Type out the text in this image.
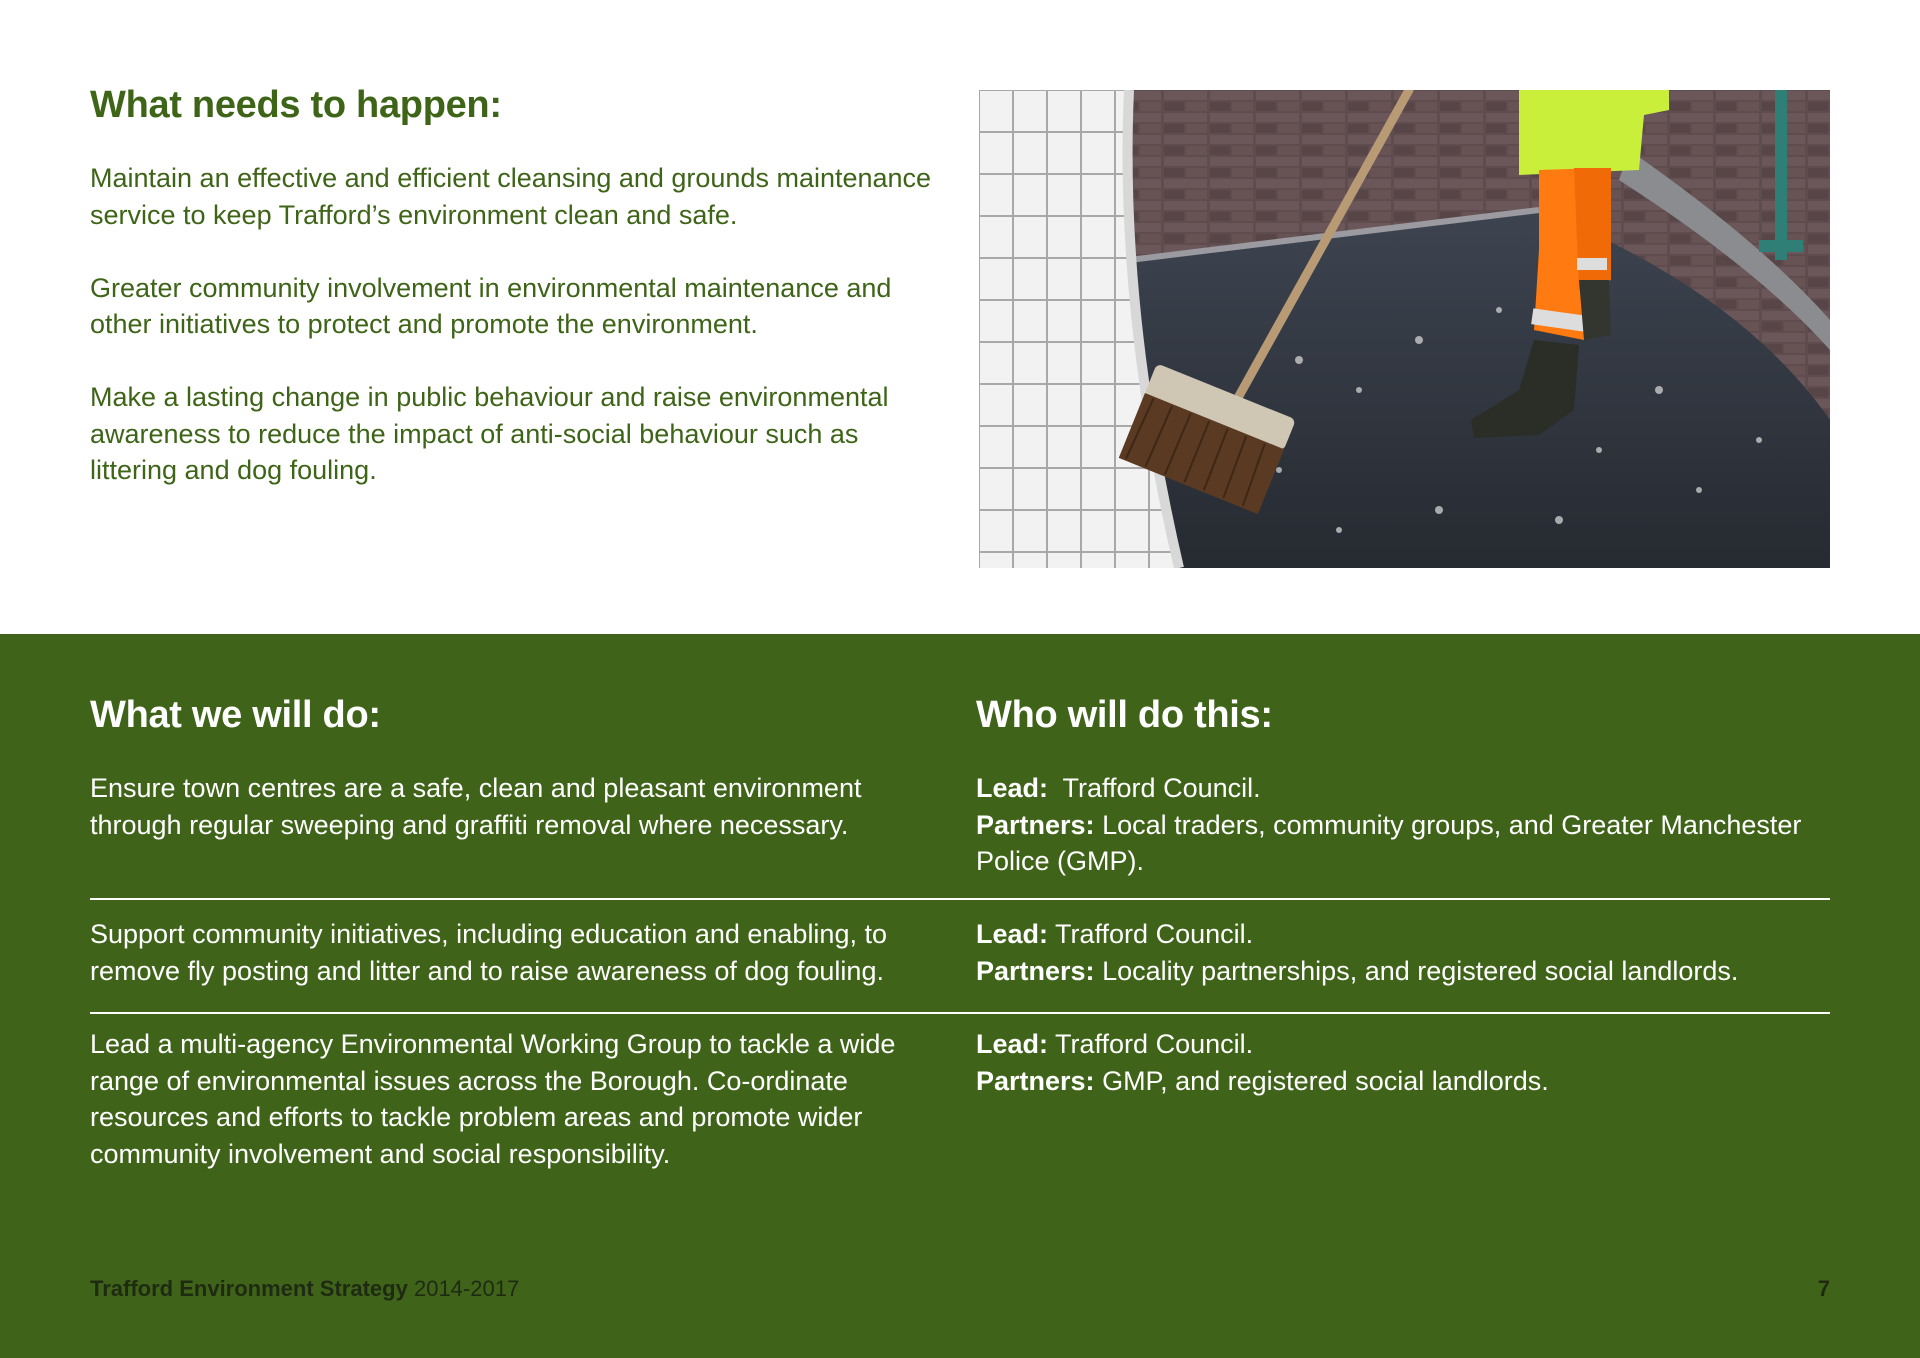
What needs to happen:

Maintain an effective and efficient cleansing and grounds maintenance service to keep Trafford’s environment clean and safe.

Greater community involvement in environmental maintenance and other initiatives to protect and promote the environment.

Make a lasting change in public behaviour and raise environmental awareness to reduce the impact of anti-social behaviour such as littering and dog fouling.

What we will do:	Who will do this:
Ensure town centres are a safe, clean and pleasant environment through regular sweeping and graffiti removal where necessary.
Lead: Trafford Council.
Partners: Local traders, community groups, and Greater Manchester Police (GMP).
Support community initiatives, including education and enabling, to remove fly posting and litter and to raise awareness of dog fouling.
Lead: Trafford Council.
Partners: Locality partnerships, and registered social landlords.
Lead a multi-agency Environmental Working Group to tackle a wide range of environmental issues across the Borough. Co-ordinate resources and efforts to tackle problem areas and promote wider community involvement and social responsibility.
Lead: Trafford Council.
Partners: GMP, and registered social landlords.
Trafford Environment Strategy 2014-2017	7
